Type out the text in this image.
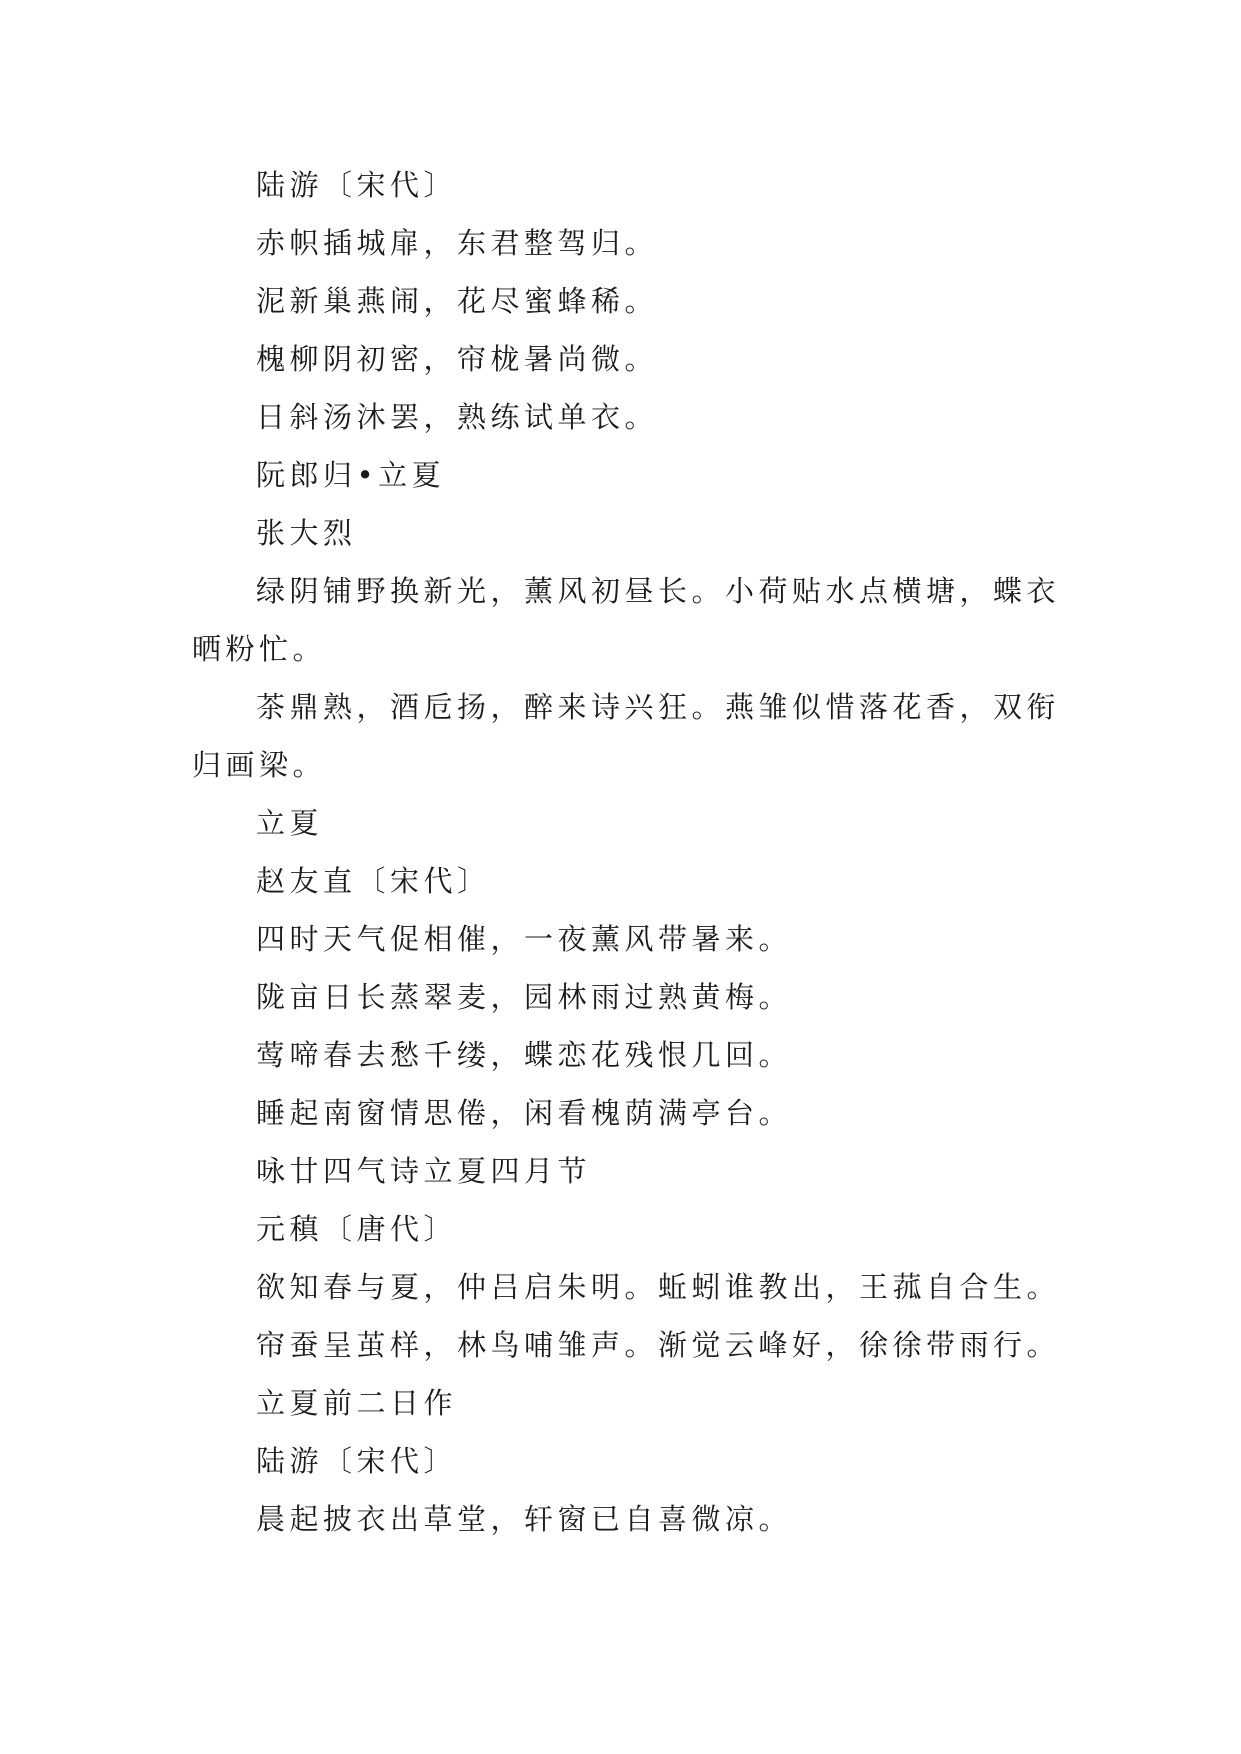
陆游〔宋代〕

赤帜插城扉，东君整驾归。

泥新巢燕闹，花尽蜜蜂稀。

槐柳阴初密，帘栊暑尚微。

日斜汤沐罢，熟练试单衣。

阮郎归•立夏

张大烈

绿阴铺野换新光，薰风初昼长。小荷贴水点横塘，蝶衣晒粉忙。

茶鼎熟，酒卮扬，醉来诗兴狂。燕雏似惜落花香，双衔归画梁。

立夏

赵友直〔宋代〕

四时天气促相催，一夜薰风带暑来。

陇亩日长蒸翠麦，园林雨过熟黄梅。

莺啼春去愁千缕，蝶恋花残恨几回。

睡起南窗情思倦，闲看槐荫满亭台。

咏廿四气诗立夏四月节

元稹〔唐代〕

欲知春与夏，仲吕启朱明。蚯蚓谁教出，王菰自合生。

帘蚕呈茧样，林鸟哺雏声。渐觉云峰好，徐徐带雨行。

立夏前二日作

陆游〔宋代〕

晨起披衣出草堂，轩窗已自喜微凉。
